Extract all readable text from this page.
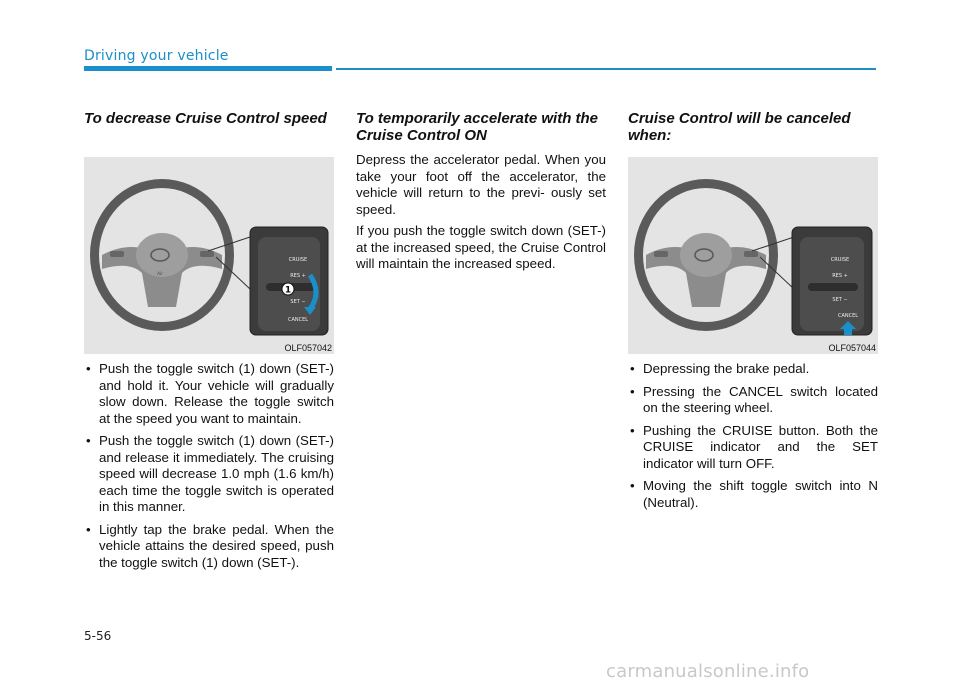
Driving your vehicle
To decrease Cruise Control speed
Air
CRUISE
RES +
SET −
CANCEL
1
OLF057042
• Push the toggle switch (1) down (SET-) and hold it. Your vehicle will gradually slow down. Release the toggle switch at the speed you want to maintain.
• Push the toggle switch (1) down (SET-) and release it immediately. The cruising speed will decrease 1.0 mph (1.6 km/h) each time the toggle switch is operated in this manner.
• Lightly tap the brake pedal. When the vehicle attains the desired speed, push the toggle switch (1) down (SET-).
To temporarily accelerate with the Cruise Control ON

Depress the accelerator pedal. When you take your foot off the accelerator, the vehicle will return to the previ- ously set speed.

If you push the toggle switch down (SET-) at the increased speed, the Cruise Control will maintain the increased speed.

Cruise Control will be canceled when:
CRUISE
RES +
SET −
CANCEL
OLF057044
• Depressing the brake pedal.
• Pressing the CANCEL switch located on the steering wheel.
• Pushing the CRUISE button. Both the CRUISE indicator and the SET indicator will turn OFF.
• Moving the shift toggle switch into N (Neutral).
5-56
carmanualsonline.info
